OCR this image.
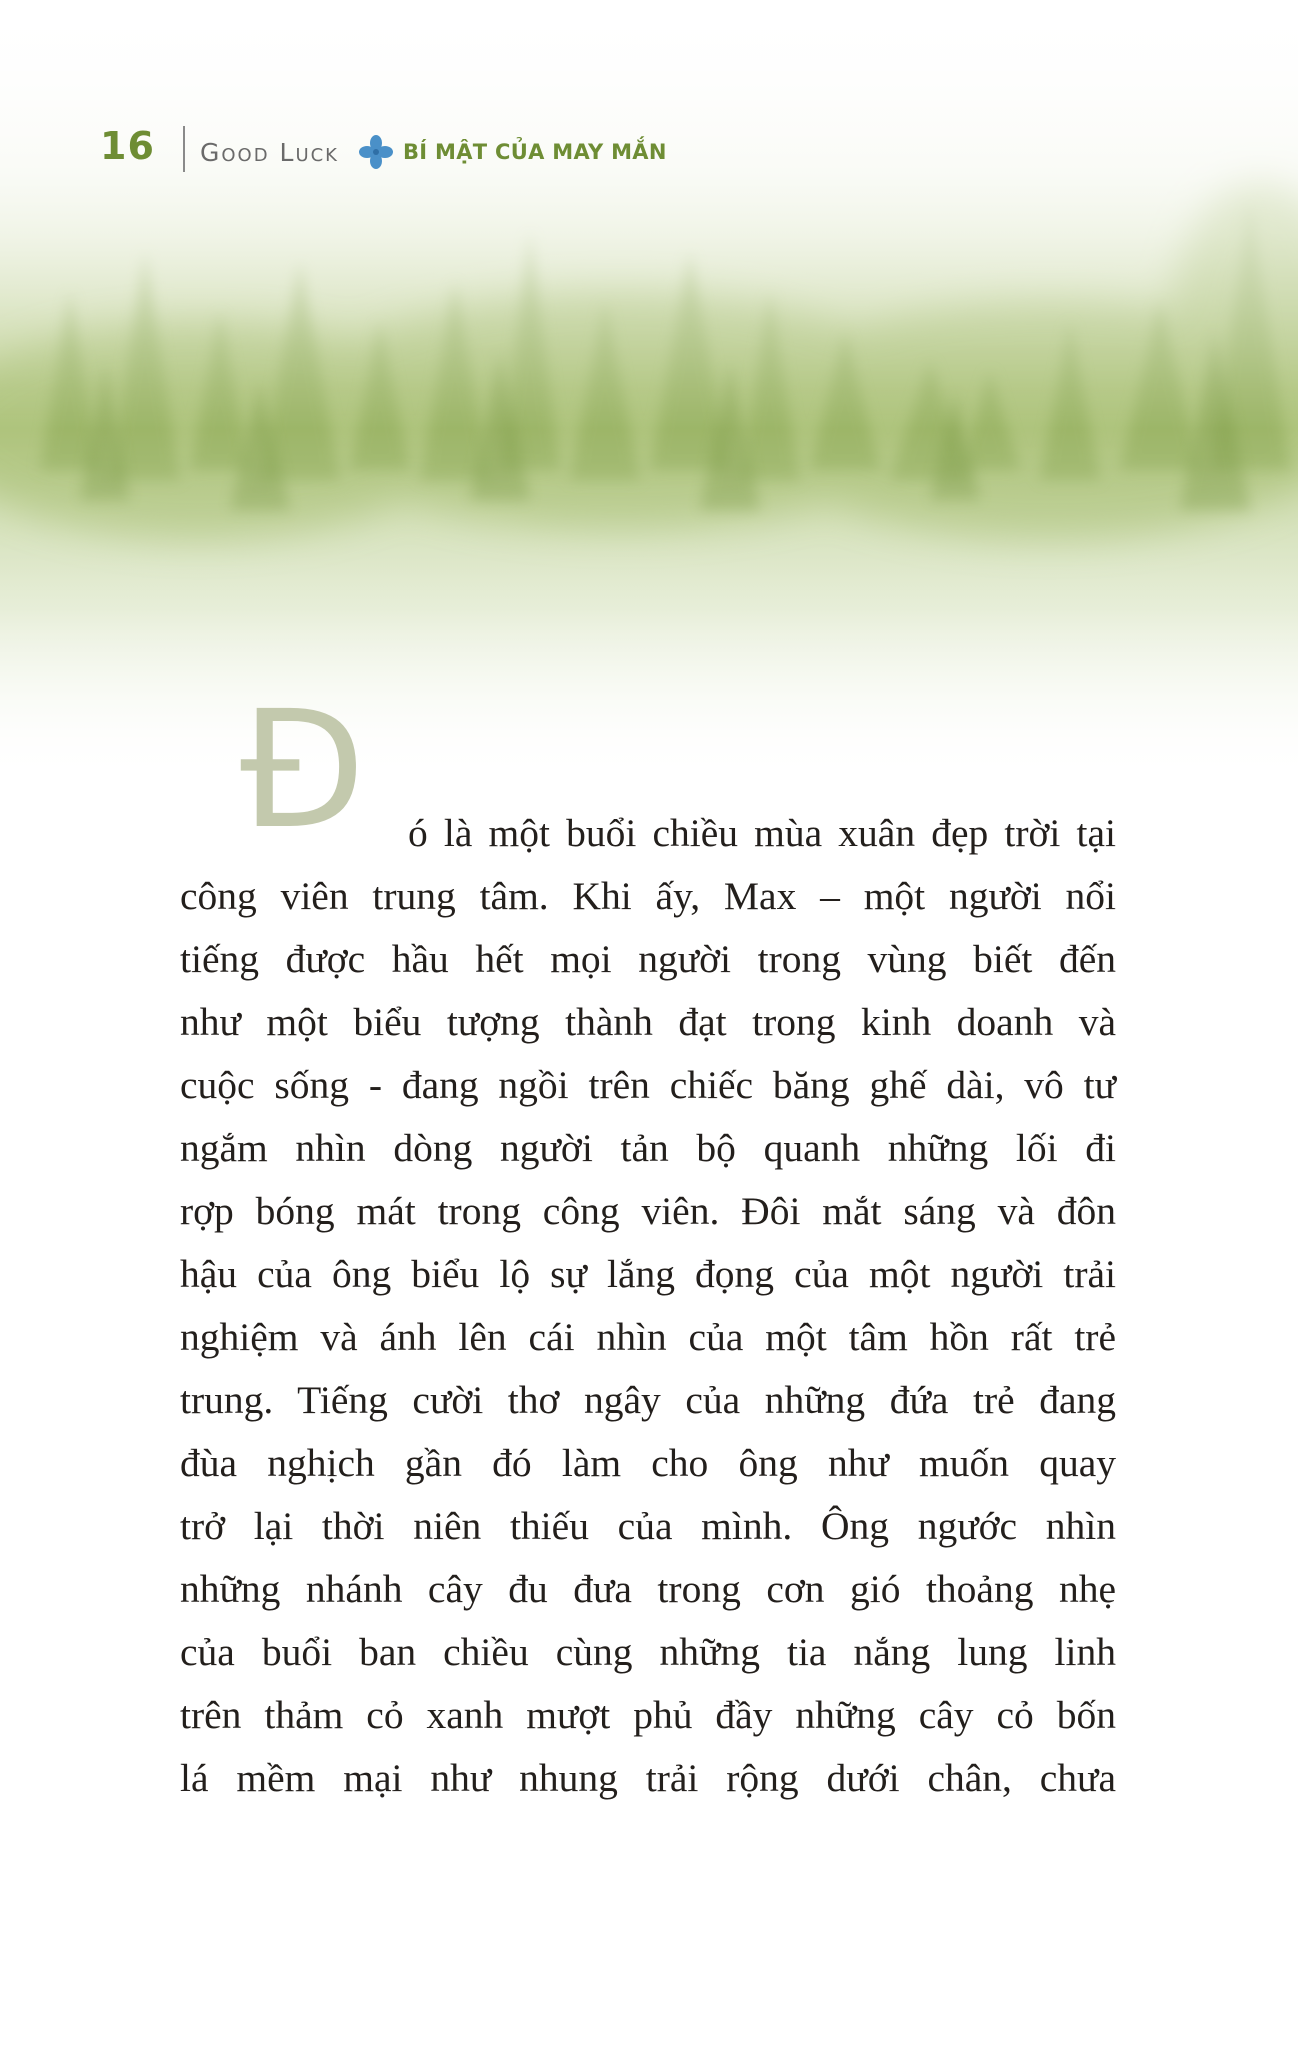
16 Good Luck	BÍ MẬT CỦA MAY MẮN
Đ	ó là một buổi chiều mùa xuân đẹp trời tại
công viên trung tâm. Khi ấy, Max – một người nổi
tiếng được hầu hết mọi người trong vùng biết đến
như một biểu tượng thành đạt trong kinh doanh và
cuộc sống - đang ngồi trên chiếc băng ghế dài, vô tư
ngắm nhìn dòng người tản bộ quanh những lối đi
rợp bóng mát trong công viên. Đôi mắt sáng và đôn
hậu của ông biểu lộ sự lắng đọng của một người trải
nghiệm và ánh lên cái nhìn của một tâm hồn rất trẻ
trung. Tiếng cười thơ ngây của những đứa trẻ đang
đùa nghịch gần đó làm cho ông như muốn quay
trở lại thời niên thiếu của mình. Ông ngước nhìn
những nhánh cây đu đưa trong cơn gió thoảng nhẹ
của buổi ban chiều cùng những tia nắng lung linh
trên thảm cỏ xanh mượt phủ đầy những cây cỏ bốn
lá mềm mại như nhung trải rộng dưới chân, chưa
